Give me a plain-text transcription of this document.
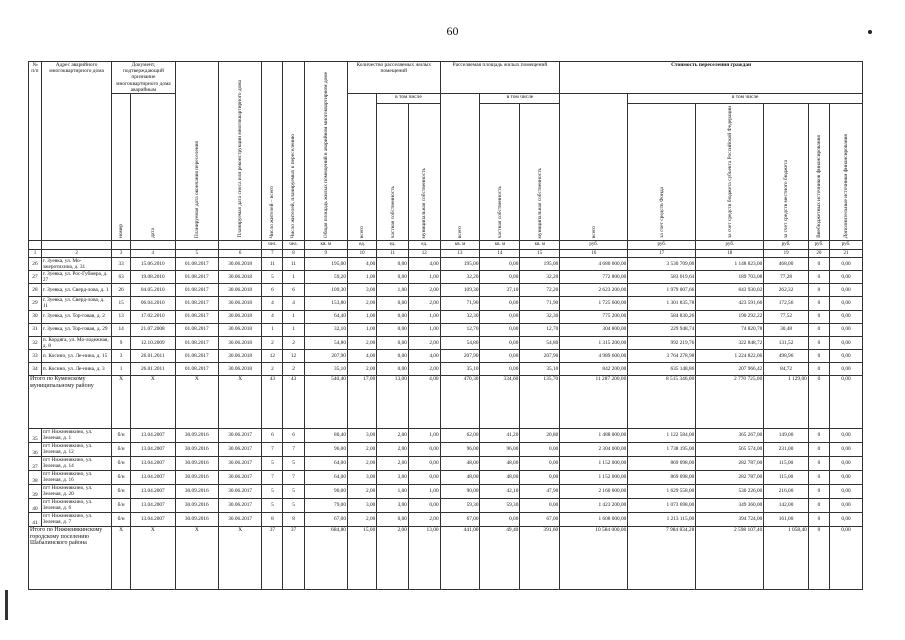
60
№ п/п	Адрес аварийного многоквартирного дома	Документ, подтверждающий признание многоквартирного дома аварийным		Планируемая дата окончания переселения	Планируемая дата сноса или реконструкции многоквартирного дома	Число жителей – всего	Число жителей, планируемых к переселению	Общая площадь жилых помещений в аварийном многоквартирном доме	Количество расселяемых жилых помещений			Расселяемая площадь жилых помещений			Стоимость переселения граждан					
		номер	дата						всего	в том числе		всего	в том числе		всего	в том числе				
										частная собственность	муниципальная собственность		частная собственность	муниципальная собственность		за счет средств Фонда	за счет средств бюджета субъекта Российской Федерации	за счет средств местного бюджета	Внебюджетных источников финансирования	Дополнительные источники финансирования
						чел.	чел.	кв. м	ед.	ед.	ед.	кв. м	кв. м	кв. м	руб.	руб.	руб.	руб.	руб.	руб.
1	2	3	4	5	6	7	8	9	10	11	12	13	14	15	16	17	18	19	20	21
26	г. Зуевка, ул. Мо-зжеротихина, д. 31	33	15.06.2010	01.08.2017	30.06.2018	11	11	195,00	4,00	0,00	4,00	195,00	0,00	195,00	4 680 000,00	3 530 709,00	1 148 823,00	468,00	0	0,00
27	г. Зуевка, ул. Рос-Губмера, д. 27	63	19.08.2010	01.08.2017	30.06.2018	5	1	59,20	1,00	0,00	1,00	32,20	0,00	32,20	772 800,00	583 019,64	189 703,08	77,28	0	0,00
28	г. Зуевка, ул. Сверд-лова, д. 1	26	04.05.2010	01.08.2017	30.06.2018	6	6	109,30	3,00	1,00	2,00	109,30	37,10	72,20	2 623 200,00	1 979 007,66	643 930,02	262,32	0	0,00
29	г. Зуевка, ул. Сверд-лова, д. 11	15	06.04.2010	01.08.2017	30.06.2018	4	4	153,80	2,00	0,00	2,00	71,90	0,00	71,90	1 725 600,00	1 301 835,78	423 591,66	172,56	0	0,00
30	г. Зуевка, ул. Тор-говая, д. 2	13	17.02.2010	01.08.2017	30.06.2018	4	1	64,40	1,00	0,00	1,00	32,30	0,00	32,30	775 200,00	584 830,26	190 292,22	77,52	0	0,00
31	г. Зуевка, ул. Тор-говая, д. 29	14	21.07.2008	01.08.2017	30.06.2018	1	1	32,10	1,00	0,00	1,00	12,70	0,00	12,70	304 800,00	229 948,74	74 820,78	30,48	0	0,00
32	п. Кордяга, ул. Мо-лодежная, д. 8	9	12.10.2009	01.08.2017	30.06.2018	2	2	54,80	2,00	0,00	2,00	54,80	0,00	54,80	1 315 200,00	992 219,76	322 848,72	131,52	0	0,00
33	п. Косино, ул. Ле-нина, д. 15	3	26.01.2011	01.08.2017	30.06.2018	12	12	207,90	4,00	0,00	4,00	207,90	0,00	207,90	4 989 600,00	3 764 278,98	1 224 822,06	498,96	0	0,00
34	п. Косино, ул. Ле-нина, д. 3	1	26.01.2011	01.08.2017	30.06.2018	2	2	35,10	2,00	0,00	2,00	35,10	0,00	35,10	842 200,00	635 148,86	207 966,42	84,72	0	0,00
Итого по Куменскому муниципальному району		X	X	X	X	43	43	540,40	17,00	13,00	4,00	470,30	334,60	135,70	11 287 200,00	8 515 346,00	2 770 725,00	1 129,00	0	0,00
35	пгт Нижнеивкино, ул. Зеленая, д. 1	б/н	13.04.2007	30.09.2016	30.06.2017	6	6	80,40	3,00	2,00	1,00	62,00	41,20	20,80	1 488 000,00	1 122 584,00	365 267,00	149,00	0	0,00
36	пгт Нижнеивкино, ул. Зеленая, д. 12	б/н	13.04.2007	30.09.2016	30.06.2017	7	7	96,00	2,00	2,00	0,00	96,00	96,00	0,00	2 304 000,00	1 738 195,00	565 574,00	231,00	0	0,00
37	пгт Нижнеивкино, ул. Зеленая, д. 14	б/н	13.04.2007	30.09.2016	30.06.2017	5	5	64,00	2,00	2,00	0,00	48,00	48,00	0,00	1 152 000,00	869 098,00	282 787,00	115,00	0	0,00
38	пгт Нижнеивкино, ул. Зеленая, д. 16	б/н	13.04.2007	30.09.2016	30.06.2017	7	7	64,00	3,00	3,00	0,00	48,00	48,00	0,00	1 152 000,00	869 098,00	282 787,00	115,00	0	0,00
39	пгт Нижнеивкино, ул. Зеленая, д. 20	б/н	13.04.2007	30.09.2016	30.06.2017	5	5	90,00	2,00	1,00	1,00	90,00	42,10	47,90	2 160 000,00	1 629 558,00	530 226,00	216,00	0	0,00
40	пгт Нижнеивкино, ул. Зеленая, д. 6	б/н	13.04.2007	30.09.2016	30.06.2017	5	5	79,00	3,00	3,00	0,00	59,30	59,30	0,00	1 423 200,00	1 073 698,00	349 360,00	142,00	0	0,00
41	пгт Нижнеивкино, ул. Зеленая, д. 7	б/н	13.04.2007	30.09.2016	30.06.2017	8	8	67,00	2,00	0,00	2,00	67,00	0,00	67,00	1 608 000,00	1 213 115,00	394 724,00	161,00	0	0,00
Итого по Нижнеивкинскому городскому поселению Шабалинского района		X	X	X	X	37	37	684,80	15,00	2,00	13,00	441,00	49,40	391,60	10 584 000,00	7 984 834,28	2 598 107,40	1 058,40	0	0,00
